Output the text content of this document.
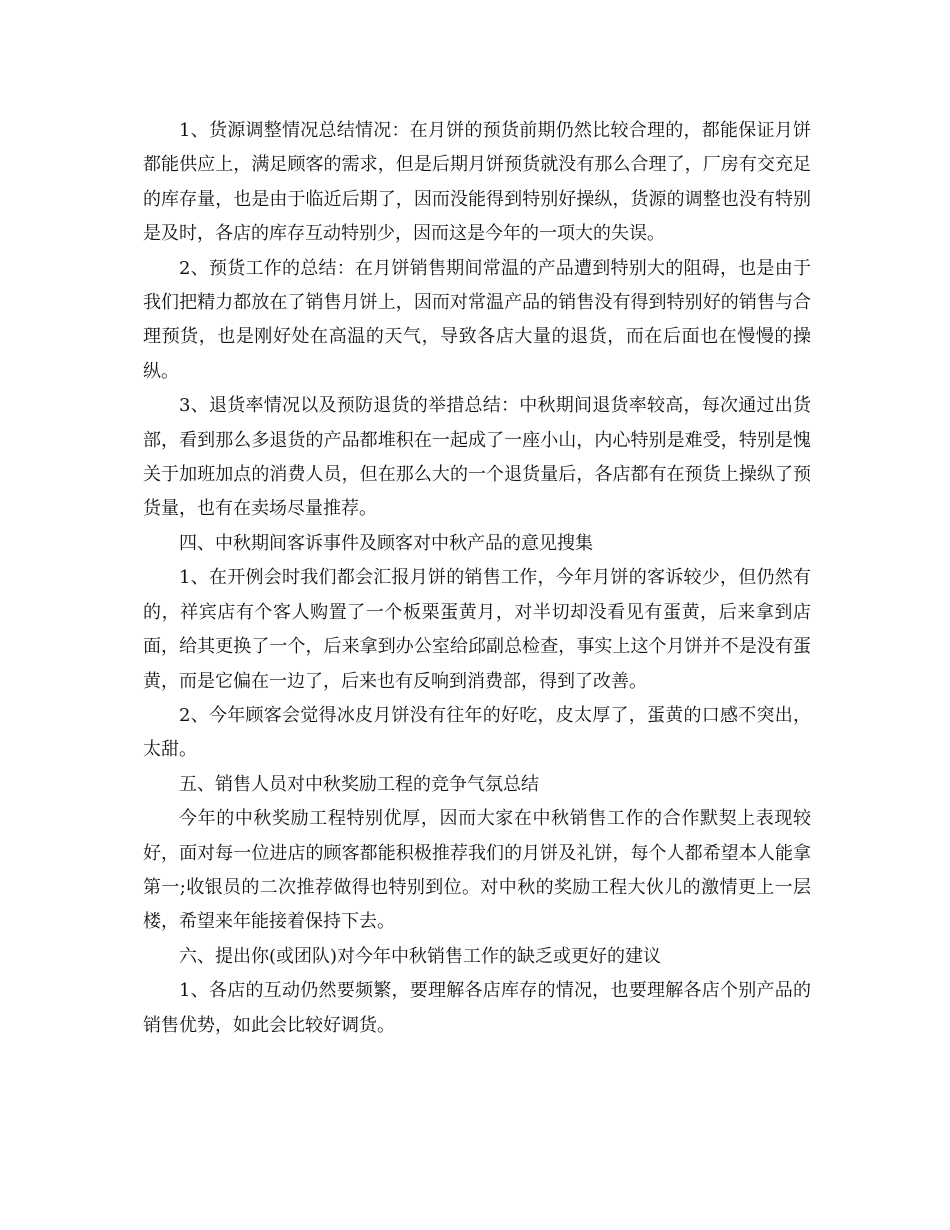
1、货源调整情况总结情况：在月饼的预货前期仍然比较合理的，都能保证月饼都能供应上，满足顾客的需求，但是后期月饼预货就没有那么合理了，厂房有交充足的库存量，也是由于临近后期了，因而没能得到特别好操纵，货源的调整也没有特别是及时，各店的库存互动特别少，因而这是今年的一项大的失误。

2、预货工作的总结：在月饼销售期间常温的产品遭到特别大的阻碍，也是由于我们把精力都放在了销售月饼上，因而对常温产品的销售没有得到特别好的销售与合理预货，也是刚好处在高温的天气，导致各店大量的退货，而在后面也在慢慢的操纵。

3、退货率情况以及预防退货的举措总结：中秋期间退货率较高，每次通过出货部，看到那么多退货的产品都堆积在一起成了一座小山，内心特别是难受，特别是愧关于加班加点的消费人员，但在那么大的一个退货量后，各店都有在预货上操纵了预货量，也有在卖场尽量推荐。

四、中秋期间客诉事件及顾客对中秋产品的意见搜集

1、在开例会时我们都会汇报月饼的销售工作，今年月饼的客诉较少，但仍然有的，祥宾店有个客人购置了一个板栗蛋黄月，对半切却没看见有蛋黄，后来拿到店面，给其更换了一个，后来拿到办公室给邱副总检查，事实上这个月饼并不是没有蛋黄，而是它偏在一边了，后来也有反响到消费部，得到了改善。

2、今年顾客会觉得冰皮月饼没有往年的好吃，皮太厚了，蛋黄的口感不突出，太甜。

五、销售人员对中秋奖励工程的竞争气氛总结

今年的中秋奖励工程特别优厚，因而大家在中秋销售工作的合作默契上表现较好，面对每一位进店的顾客都能积极推荐我们的月饼及礼饼，每个人都希望本人能拿第一;收银员的二次推荐做得也特别到位。对中秋的奖励工程大伙儿的激情更上一层楼，希望来年能接着保持下去。

六、提出你(或团队)对今年中秋销售工作的缺乏或更好的建议

1、各店的互动仍然要频繁，要理解各店库存的情况，也要理解各店个别产品的销售优势，如此会比较好调货。
